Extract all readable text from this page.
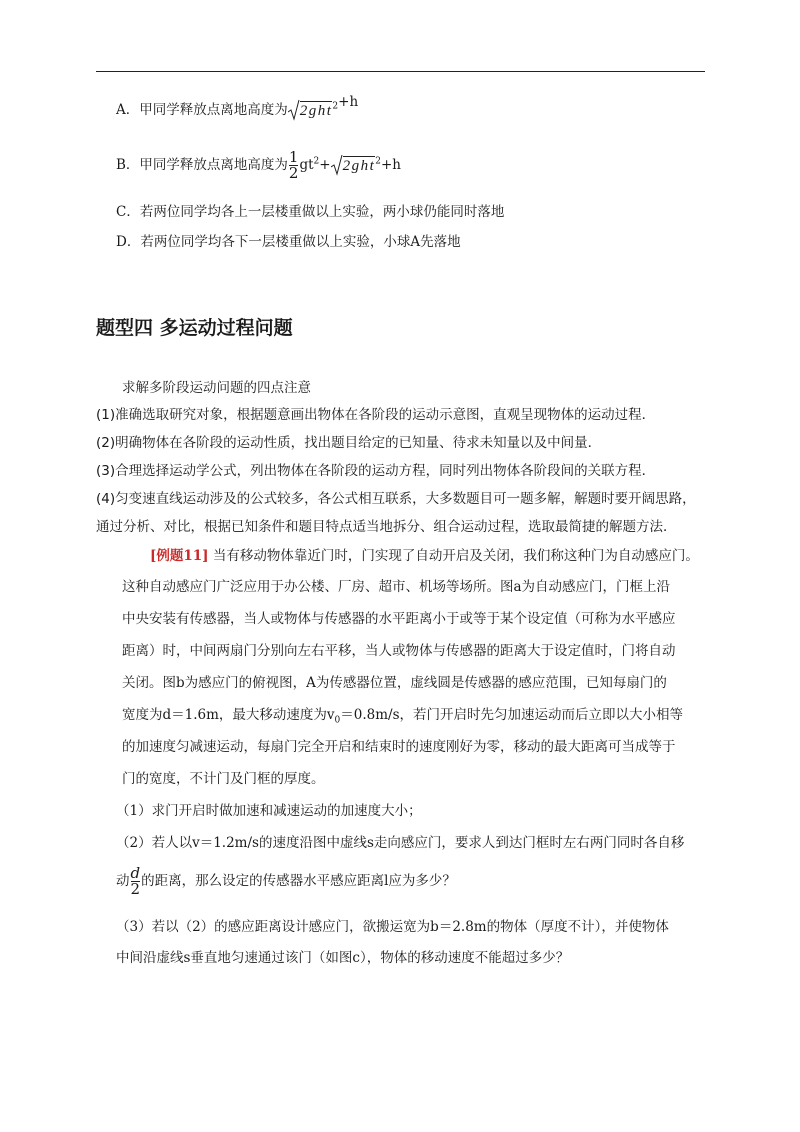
A．甲同学释放点离地高度为 2ght$^2$+h
B．甲同学释放点离地高度为 $\frac{1}{2} gt^2+ 2ght^2+h$
C．若两位同学均各上一层楼重做以上实验，两小球仍能同时落地
D．若两位同学均各下一层楼重做以上实验，小球A先落地
题型四 多运动过程问题
求解多阶段运动问题的四点注意
(1)准确选取研究对象，根据题意画出物体在各阶段的运动示意图，直观呈现物体的运动过程．
(2)明确物体在各阶段的运动性质，找出题目给定的已知量、待求未知量以及中间量．
(3)合理选择运动学公式，列出物体在各阶段的运动方程，同时列出物体各阶段间的关联方程．
(4)匀变速直线运动涉及的公式较多，各公式相互联系，大多数题目可一题多解，解题时要开阔思路，
通过分析、对比，根据已知条件和题目特点适当地拆分、组合运动过程，选取最简捷的解题方法．
[例题11] 当有移动物体靠近门时，门实现了自动开启及关闭，我们称这种门为自动感应门。
这种自动感应门广泛应用于办公楼、厂房、超市、机场等场所。图a为自动感应门，门框上沿
中央安装有传感器，当人或物体与传感器的水平距离小于或等于某个设定值（可称为水平感应
距离）时，中间两扇门分别向左右平移，当人或物体与传感器的距离大于设定值时，门将自动
关闭。图b为感应门的俯视图，A为传感器位置，虚线圆是传感器的感应范围，已知每扇门的
宽度为d＝1.6m，最大移动速度为$v_0=0.8m/s$，若门开启时先匀加速运动而后立即以大小相等
的加速度匀减速运动，每扇门完全开启和结束时的速度刚好为零，移动的最大距离可当成等于
门的宽度，不计门及门框的厚度。
（1）求门开启时做加速和减速运动的加速度大小；
（2）若人以v＝1.2m/s的速度沿图中虚线s走向感应门，要求人到达门框时左右两门同时各自移
动 $\frac{d}{2}$ 的距离，那么设定的传感器水平感应距离l应为多少？
（3）若以（2）的感应距离设计感应门，欲搬运宽为b＝2.8m的物体（厚度不计），并使物体
中间沿虚线s垂直地匀速通过该门（如图c），物体的移动速度不能超过多少？
